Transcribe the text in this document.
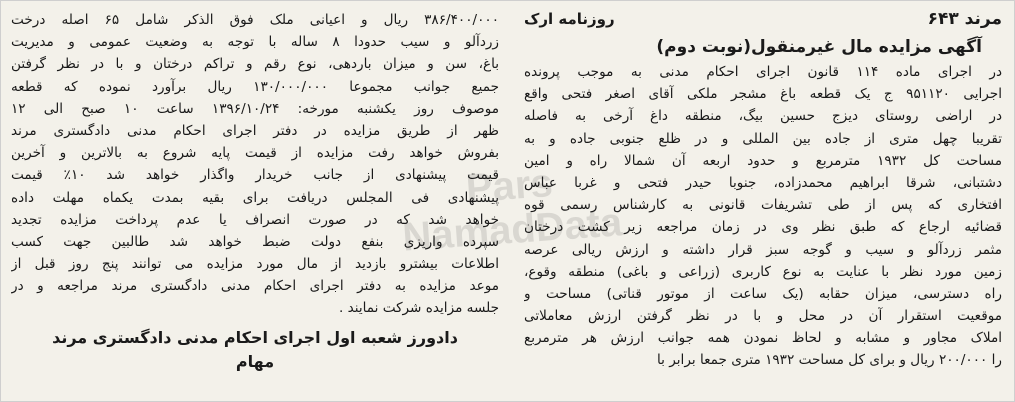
Pars
NamadData
مرند ۶۴۳
روزنامه ارک
آگهی مزایده مال غیرمنقول(نوبت دوم)
در اجرای ماده ۱۱۴ قانون اجرای احکام مدنی به موجب پرونده
اجرایی ۹۵۱۱۲۰ ج یک قطعه باغ مشجر ملکی آقای اصغر فتحی واقع
در اراضی روستای دیزج حسین بیگ، منطقه داغ آرخی به فاصله
تقریبا چهل متری از جاده بین المللی و در ظلع جنوبی جاده و به
مساحت کل ۱۹۳۲ مترمربع و حدود اربعه آن شمالا راه و امین
دشتبانی، شرقا ابراهیم محمدزاده، جنوبا حیدر فتحی و غربا عباس
افتخاری که پس از طی تشریفات قانونی به کارشناس رسمی قوه
قضائیه ارجاع که طبق نظر وی در زمان مراجعه زیر کشت درختان
مثمر زردآلو و سیب و گوجه سبز قرار داشته و ارزش ریالی عرصه
زمین مورد نظر با عنایت به نوع کاربری (زراعی و باغی) منطقه وقوع،
راه دسترسی، میزان حقابه (یک ساعت از موتور قناتی) مساحت و
موقعیت استقرار آن در محل و با در نظر گرفتن ارزش معاملاتی
املاک مجاور و مشابه و لحاظ نمودن همه جوانب ارزش هر مترمربع
را ۲۰۰/۰۰۰ ریال و برای کل مساحت ۱۹۳۲ متری جمعا برابر با
۳۸۶/۴۰۰/۰۰۰ ریال و اعیانی ملک فوق الذکر شامل ۶۵ اصله درخت
زردآلو و سیب حدودا ۸ ساله با توجه به وضعیت عمومی و مدیریت
باغ، سن و میزان باردهی، نوع رقم و تراکم درختان و با در نظر گرفتن
جمیع جوانب مجموعا ۱۳۰/۰۰۰/۰۰۰ ریال برآورد نموده که قطعه
موصوف روز یکشنبه مورخه: ۱۳۹۶/۱۰/۲۴ ساعت ۱۰ صبح الی ۱۲
ظهر از طریق مزایده در دفتر اجرای احکام مدنی دادگستری مرند
بفروش خواهد رفت مزایده از قیمت پایه شروع به بالاترین و آخرین
قیمت پیشنهادی از جانب خریدار واگذار خواهد شد ۱۰٪ قیمت
پیشنهادی فی المجلس دریافت برای بقیه بمدت یکماه مهلت داده
خواهد شد که در صورت انصراف یا عدم پرداخت مزایده تجدید
سپرده واریزی بنفع دولت ضبط خواهد شد طالبین جهت کسب
اطلاعات بیشترو بازدید از مال مورد مزایده می توانند پنج روز قبل از
موعد مزایده به دفتر اجرای احکام مدنی دادگستری مرند مراجعه و در
جلسه مزایده شرکت نمایند .
دادورز شعبه اول اجرای احکام مدنی دادگستری مرند
مهام
